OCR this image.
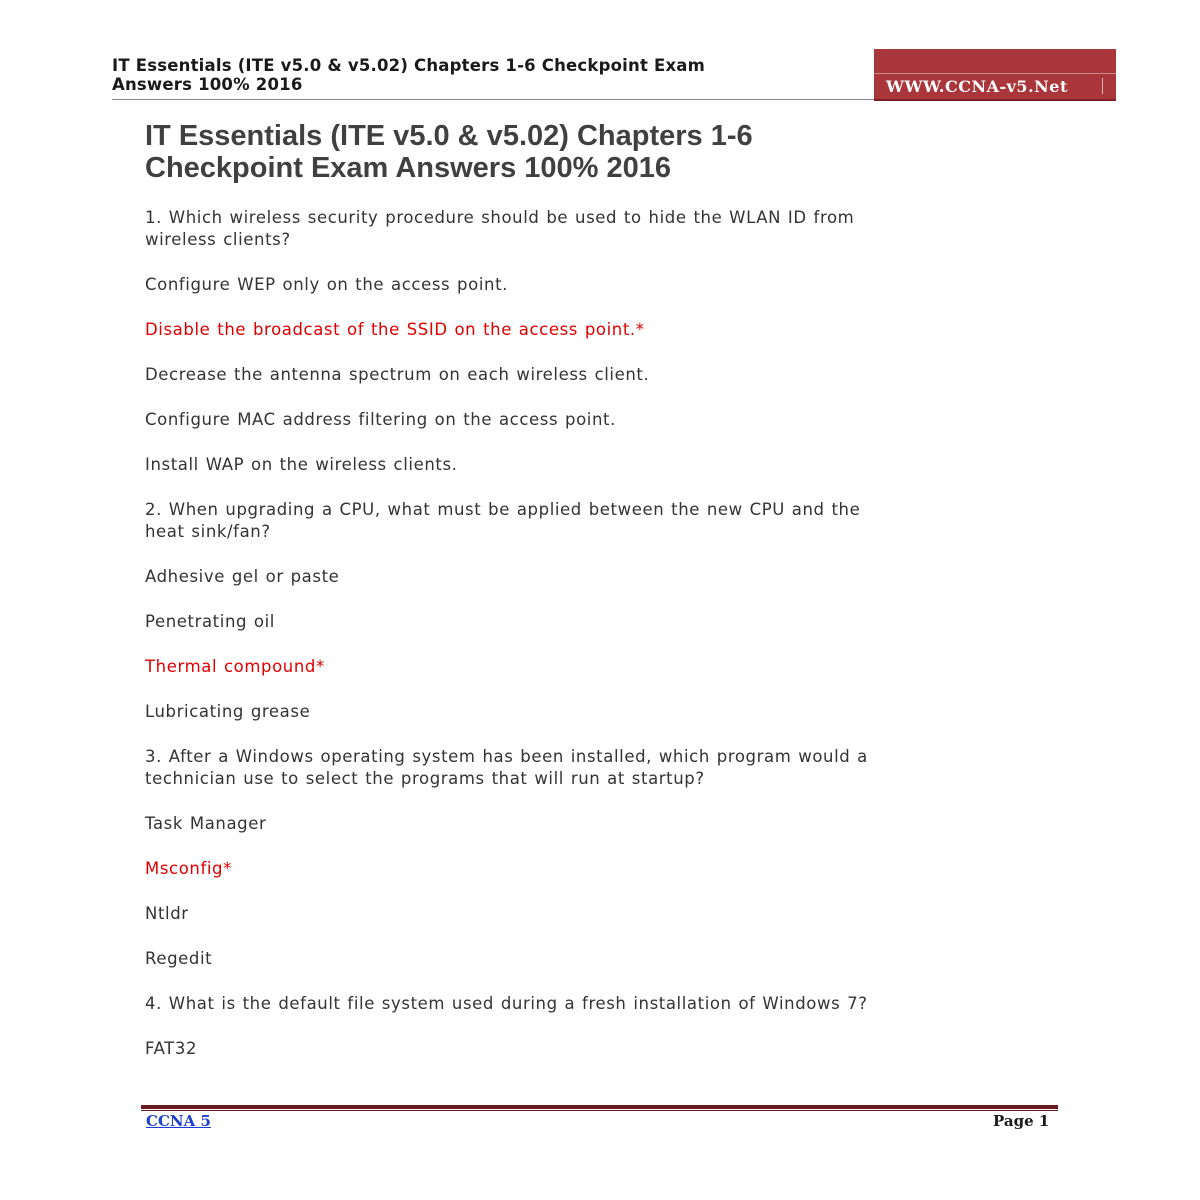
IT Essentials (ITE v5.0 & v5.02) Chapters 1-6 Checkpoint Exam
Answers 100% 2016	WWW.CCNA-v5.Net
IT Essentials (ITE v5.0 & v5.02) Chapters 1-6
Checkpoint Exam Answers 100% 2016

1. Which wireless security procedure should be used to hide the WLAN ID from
wireless clients?

Configure WEP only on the access point.

Disable the broadcast of the SSID on the access point.*

Decrease the antenna spectrum on each wireless client.

Configure MAC address filtering on the access point.

Install WAP on the wireless clients.

2. When upgrading a CPU, what must be applied between the new CPU and the
heat sink/fan?

Adhesive gel or paste

Penetrating oil

Thermal compound*

Lubricating grease

3. After a Windows operating system has been installed, which program would a
technician use to select the programs that will run at startup?

Task Manager

Msconfig*

Ntldr

Regedit

4. What is the default file system used during a fresh installation of Windows 7?

FAT32

CCNA 5	Page 1
